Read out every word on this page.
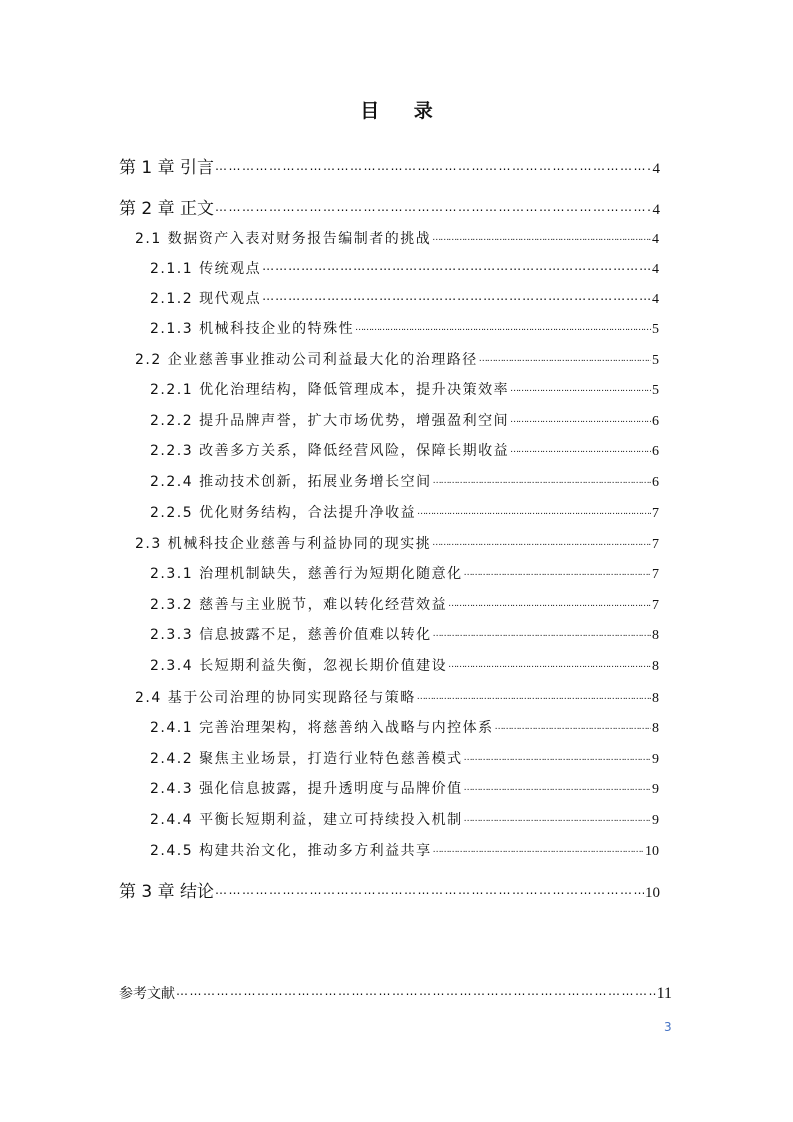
目 录
第 1 章 引言 …………………………………………………………………………………………………………………………………………………………………………………………………………………………………………	4
第 2 章 正文 …………………………………………………………………………………………………………………………………………………………………………………………………………………………………………	4
2.1 数据资产入表对财务报告编制者的挑战 …………………………………………………………………………………………………………………………………………………………………………………………………………………………………………	4
2.1.1 传统观点 …………………………………………………………………………………………………………………………………………………………………………………………………………………………………………	4
2.1.2 现代观点 …………………………………………………………………………………………………………………………………………………………………………………………………………………………………………	4
2.1.3 机械科技企业的特殊性 …………………………………………………………………………………………………………………………………………………………………………………………………………………………………………	5
2.2 企业慈善事业推动公司利益最大化的治理路径 …………………………………………………………………………………………………………………………………………………………………………………………………………………………………………	5
2.2.1 优化治理结构，降低管理成本，提升决策效率 …………………………………………………………………………………………………………………………………………………………………………………………………………………………………………	5
2.2.2 提升品牌声誉，扩大市场优势，增强盈利空间 …………………………………………………………………………………………………………………………………………………………………………………………………………………………………………	6
2.2.3 改善多方关系，降低经营风险，保障长期收益 …………………………………………………………………………………………………………………………………………………………………………………………………………………………………………	6
2.2.4 推动技术创新，拓展业务增长空间 …………………………………………………………………………………………………………………………………………………………………………………………………………………………………………	6
2.2.5 优化财务结构，合法提升净收益 …………………………………………………………………………………………………………………………………………………………………………………………………………………………………………	7
2.3 机械科技企业慈善与利益协同的现实挑 …………………………………………………………………………………………………………………………………………………………………………………………………………………………………………	7
2.3.1 治理机制缺失，慈善行为短期化随意化 …………………………………………………………………………………………………………………………………………………………………………………………………………………………………………	7
2.3.2 慈善与主业脱节，难以转化经营效益 …………………………………………………………………………………………………………………………………………………………………………………………………………………………………………	7
2.3.3 信息披露不足，慈善价值难以转化 …………………………………………………………………………………………………………………………………………………………………………………………………………………………………………	8
2.3.4 长短期利益失衡，忽视长期价值建设 …………………………………………………………………………………………………………………………………………………………………………………………………………………………………………	8
2.4 基于公司治理的协同实现路径与策略 …………………………………………………………………………………………………………………………………………………………………………………………………………………………………………	8
2.4.1 完善治理架构，将慈善纳入战略与内控体系 …………………………………………………………………………………………………………………………………………………………………………………………………………………………………………	8
2.4.2 聚焦主业场景，打造行业特色慈善模式 …………………………………………………………………………………………………………………………………………………………………………………………………………………………………………	9
2.4.3 强化信息披露，提升透明度与品牌价值 …………………………………………………………………………………………………………………………………………………………………………………………………………………………………………	9
2.4.4 平衡长短期利益，建立可持续投入机制 …………………………………………………………………………………………………………………………………………………………………………………………………………………………………………	9
2.4.5 构建共治文化，推动多方利益共享 …………………………………………………………………………………………………………………………………………………………………………………………………………………………………………	10
第 3 章 结论 …………………………………………………………………………………………………………………………………………………………………………………………………………………………………………	10
参考文献 …………………………………………………………………………………………………………………………………………………………………………………………………………………………………………	11
3
